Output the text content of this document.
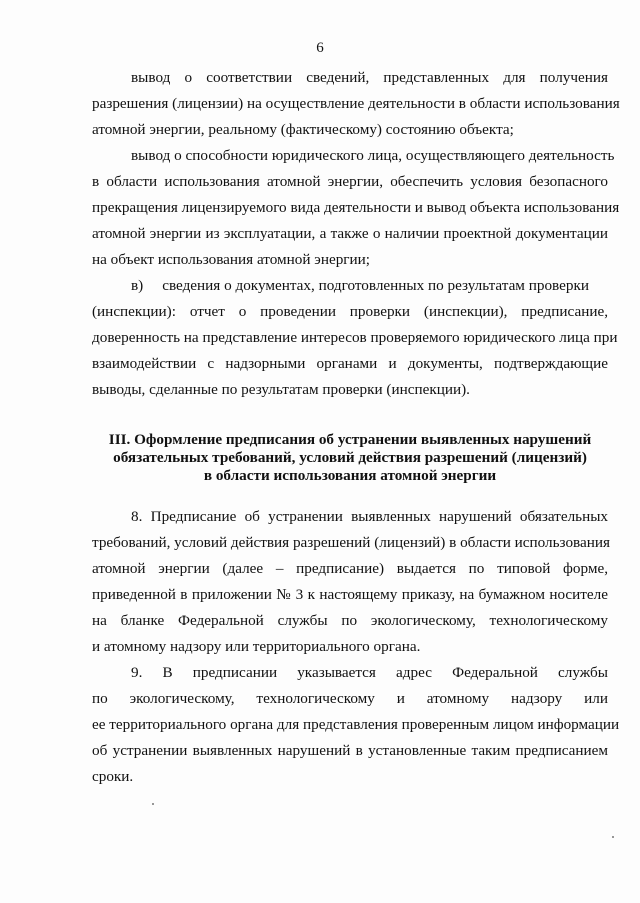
6
вывод о соответствии сведений, представленных для получения
разрешения (лицензии) на осуществление деятельности в области использования
атомной энергии, реальному (фактическому) состоянию объекта;
вывод о способности юридического лица, осуществляющего деятельность
в области использования атомной энергии, обеспечить условия безопасного
прекращения лицензируемого вида деятельности и вывод объекта использования
атомной энергии из эксплуатации, а также о наличии проектной документации
на объект использования атомной энергии;
в)     сведения о документах, подготовленных по результатам проверки
(инспекции): отчет о проведении проверки (инспекции), предписание,
доверенность на представление интересов проверяемого юридического лица при
взаимодействии с надзорными органами и документы, подтверждающие
выводы, сделанные по результатам проверки (инспекции).
III. Оформление предписания об устранении выявленных нарушений
обязательных требований, условий действия разрешений (лицензий)
в области использования атомной энергии
8. Предписание об устранении выявленных нарушений обязательных
требований, условий действия разрешений (лицензий) в области использования
атомной энергии (далее – предписание) выдается по типовой форме,
приведенной в приложении № 3 к настоящему приказу, на бумажном носителе
на бланке Федеральной службы по экологическому, технологическому
и атомному надзору или территориального органа.
9. В предписании указывается адрес Федеральной службы
по экологическому, технологическому и атомному надзору или
ее территориального органа для представления проверенным лицом информации
об устранении выявленных нарушений в установленные таким предписанием
сроки.
